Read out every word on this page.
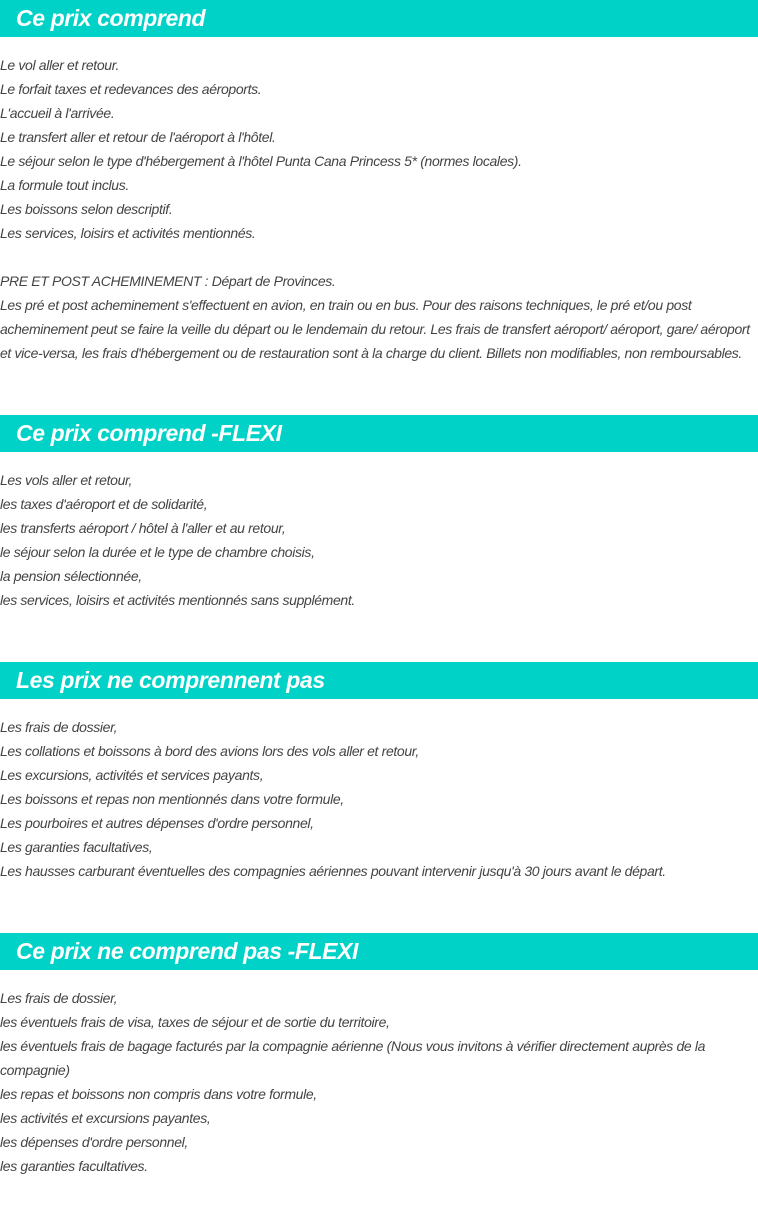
Ce prix comprend
Le vol aller et retour.
Le forfait taxes et redevances des aéroports.
L'accueil à l'arrivée.
Le transfert aller et retour de l'aéroport à l'hôtel.
Le séjour selon le type d'hébergement à l'hôtel Punta Cana Princess 5* (normes locales).
La formule tout inclus.
Les boissons selon descriptif.
Les services, loisirs et activités mentionnés.
PRE ET POST ACHEMINEMENT : Départ de Provinces.
Les pré et post acheminement s'effectuent en avion, en train ou en bus. Pour des raisons techniques, le pré et/ou post acheminement peut se faire la veille du départ ou le lendemain du retour. Les frais de transfert aéroport/ aéroport, gare/ aéroport et vice-versa, les frais d'hébergement ou de restauration sont à la charge du client. Billets non modifiables, non remboursables.
Ce prix comprend -FLEXI
Les vols aller et retour,
les taxes d'aéroport et de solidarité,
les transferts aéroport / hôtel à l'aller et au retour,
le séjour selon la durée et le type de chambre choisis,
la pension sélectionnée,
les services, loisirs et activités mentionnés sans supplément.
Les prix ne comprennent pas
Les frais de dossier,
Les collations et boissons à bord des avions lors des vols aller et retour,
Les excursions, activités et services payants,
Les boissons et repas non mentionnés dans votre formule,
Les pourboires et autres dépenses d'ordre personnel,
Les garanties facultatives,
Les hausses carburant éventuelles des compagnies aériennes pouvant intervenir jusqu'à 30 jours avant le départ.
Ce prix ne comprend pas -FLEXI
Les frais de dossier,
les éventuels frais de visa, taxes de séjour et de sortie du territoire,
les éventuels frais de bagage facturés par la compagnie aérienne (Nous vous invitons à vérifier directement auprès de la compagnie)
les repas et boissons non compris dans votre formule,
les activités et excursions payantes,
les dépenses d'ordre personnel,
les garanties facultatives.
